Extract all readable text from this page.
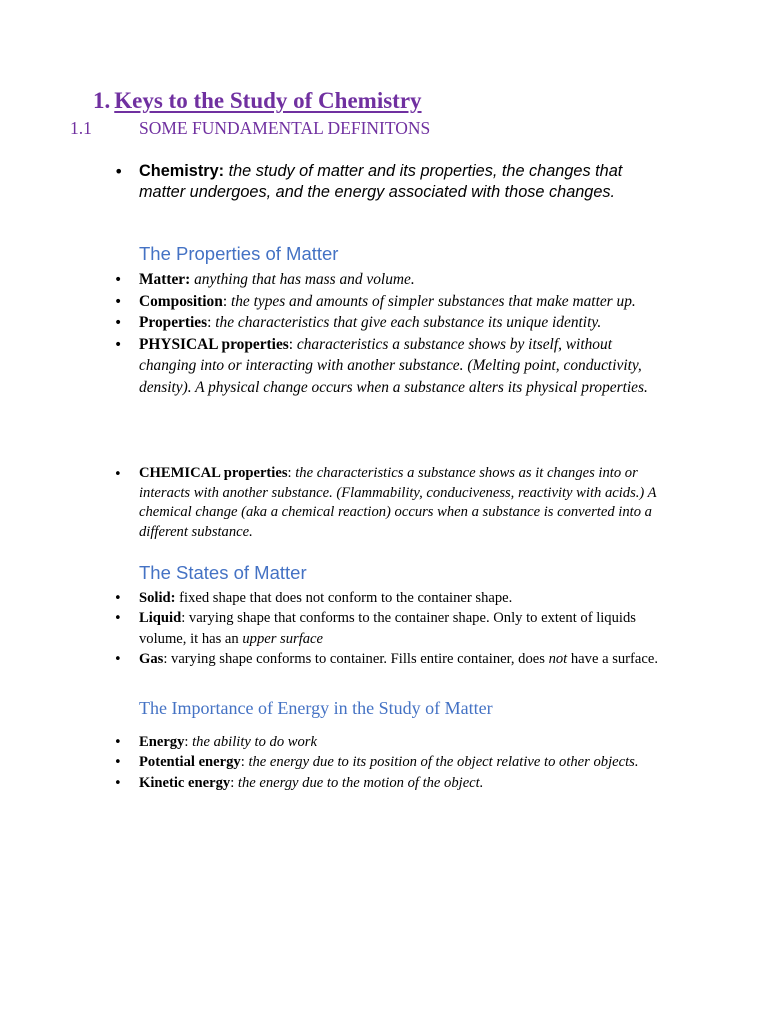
1. Keys to the Study of Chemistry
1.1	SOME FUNDAMENTAL DEFINITONS
• Chemistry: the study of matter and its properties, the changes that matter undergoes, and the energy associated with those changes.
The Properties of Matter
• Matter: anything that has mass and volume.
• Composition: the types and amounts of simpler substances that make matter up.
• Properties: the characteristics that give each substance its unique identity.
• PHYSICAL properties: characteristics a substance shows by itself, without changing into or interacting with another substance. (Melting point, conductivity, density). A physical change occurs when a substance alters its physical properties.
• CHEMICAL properties: the characteristics a substance shows as it changes into or interacts with another substance. (Flammability, conduciveness, reactivity with acids.) A chemical change (aka a chemical reaction) occurs when a substance is converted into a different substance.
The States of Matter
• Solid: fixed shape that does not conform to the container shape.
• Liquid: varying shape that conforms to the container shape. Only to extent of liquids volume, it has an upper surface
• Gas: varying shape conforms to container. Fills entire container, does not have a surface.
The Importance of Energy in the Study of Matter
• Energy: the ability to do work
• Potential energy: the energy due to its position of the object relative to other objects.
• Kinetic energy: the energy due to the motion of the object.
